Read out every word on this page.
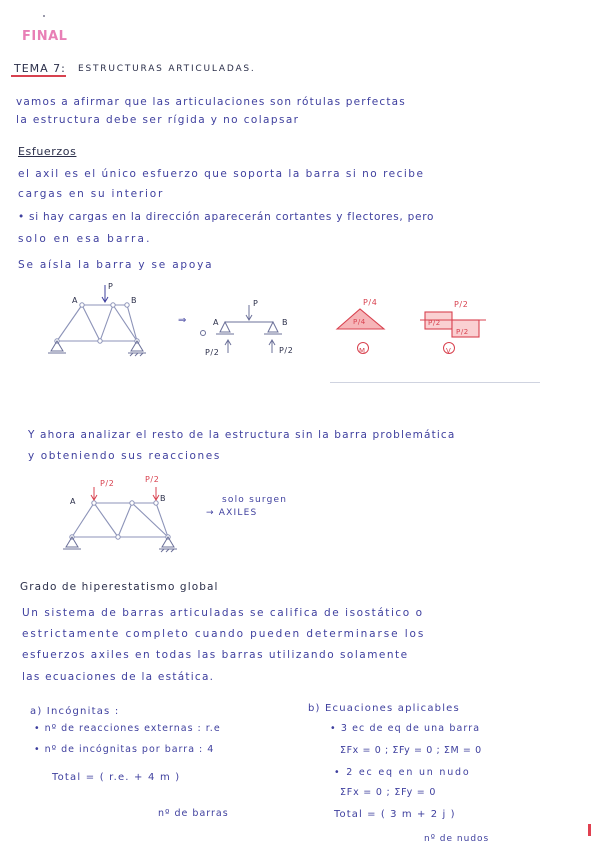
FINAL
TEMA 7: ESTRUCTURAS ARTICULADAS.
vamos a afirmar que las articulaciones son rótulas perfectas
la estructura debe ser rígida y no colapsar
Esfuerzos
el axil es el único esfuerzo que soporta la barra si no recibe
cargas en su interior
• si hay cargas en la dirección aparecerán cortantes y flectores, pero
solo en esa barra.
Se aísla la barra y se apoya
A	B
P
⇒	A	B
P
P/2	P/2
P/4
P/4
M
P/2
P/2
P/2
V
Y ahora analizar el resto de la estructura sin la barra problemática
y obteniendo sus reacciones
A	B
P/2	P/2
solo surgen
→ AXILES
Grado de hiperestatismo global
Un sistema de barras articuladas se califica de isostático o
estrictamente completo cuando pueden determinarse los
esfuerzos axiles en todas las barras utilizando solamente
las ecuaciones de la estática.
a) Incógnitas :
• nº de reacciones externas : r.e
• nº de incógnitas por barra : 4
Total = ( r.e. + 4 m )
nº de barras
b) Ecuaciones aplicables
• 3 ec de eq de una barra
ΣFx = 0 ; ΣFy = 0 ; ΣM = 0
• 2 ec eq en un nudo
ΣFx = 0 ; ΣFy = 0
Total = ( 3 m + 2 j )
nº de nudos
